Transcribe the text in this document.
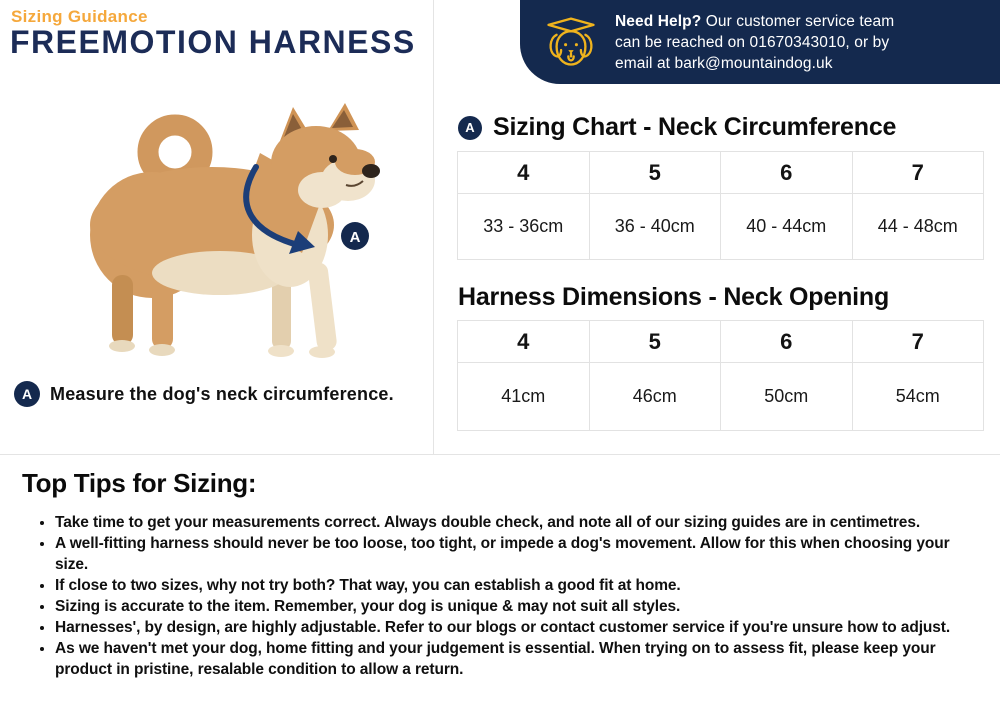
Sizing Guidance
FREEMOTION HARNESS
Need Help? Our customer service team
can be reached on 01670343010, or by
email at bark@mountaindog.uk
A
A Measure the dog's neck circumference.
A Sizing Chart - Neck Circumference
4	5	6	7
33 - 36cm	36 - 40cm	40 - 44cm	44 - 48cm
Harness Dimensions - Neck Opening
4	5	6	7
41cm	46cm	50cm	54cm
Top Tips for Sizing:
• Take time to get your measurements correct. Always double check, and note all of our sizing guides are in centimetres.
• A well-fitting harness should never be too loose, too tight, or impede a dog's movement. Allow for this when choosing your size.
• If close to two sizes, why not try both? That way, you can establish a good fit at home.
• Sizing is accurate to the item. Remember, your dog is unique & may not suit all styles.
• Harnesses', by design, are highly adjustable. Refer to our blogs or contact customer service if you're unsure how to adjust.
• As we haven't met your dog, home fitting and your judgement is essential. When trying on to assess fit, please keep your product in pristine, resalable condition to allow a return.
